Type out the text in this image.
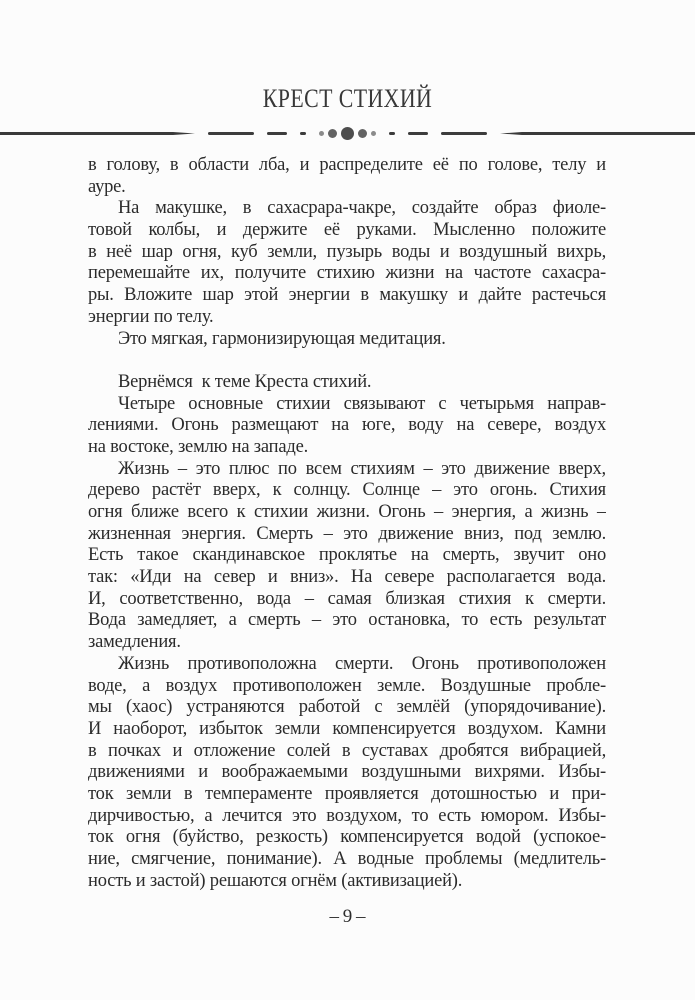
КРЕСТ СТИХИЙ
в голову, в области лба, и распределите её по голове, телу и
ауре.
На макушке, в сахасрара-чакре, создайте образ фиоле-
товой колбы, и держите её руками. Мысленно положите
в неё шар огня, куб земли, пузырь воды и воздушный вихрь,
перемешайте их, получите стихию жизни на частоте сахасра-
ры. Вложите шар этой энергии в макушку и дайте растечься
энергии по телу.
Это мягкая, гармонизирующая медитация.
Вернёмся  к теме Креста стихий.
Четыре основные стихии связывают с четырьмя направ-
лениями. Огонь размещают на юге, воду на севере, воздух
на востоке, землю на западе.
Жизнь – это плюс по всем стихиям – это движение вверх,
дерево растёт вверх, к солнцу. Солнце – это огонь. Стихия
огня ближе всего к стихии жизни. Огонь – энергия, а жизнь –
жизненная энергия. Смерть – это движение вниз, под землю.
Есть такое скандинавское проклятье на смерть, звучит оно
так: «Иди на север и вниз». На севере располагается вода.
И, соответственно, вода – самая близкая стихия к смерти.
Вода замедляет, а смерть – это остановка, то есть результат
замедления.
Жизнь противоположна смерти. Огонь противоположен
воде, а воздух противоположен земле. Воздушные пробле-
мы (хаос) устраняются работой с землёй (упорядочивание).
И наоборот, избыток земли компенсируется воздухом. Камни
в почках и отложение солей в суставах дробятся вибрацией,
движениями и воображаемыми воздушными вихрями. Избы-
ток земли в темпераменте проявляется дотошностью и при-
дирчивостью, а лечится это воздухом, то есть юмором. Избы-
ток огня (буйство, резкость) компенсируется водой (успокое-
ние, смягчение, понимание). А водные проблемы (медлитель-
ность и застой) решаются огнём (активизацией).
– 9 –
